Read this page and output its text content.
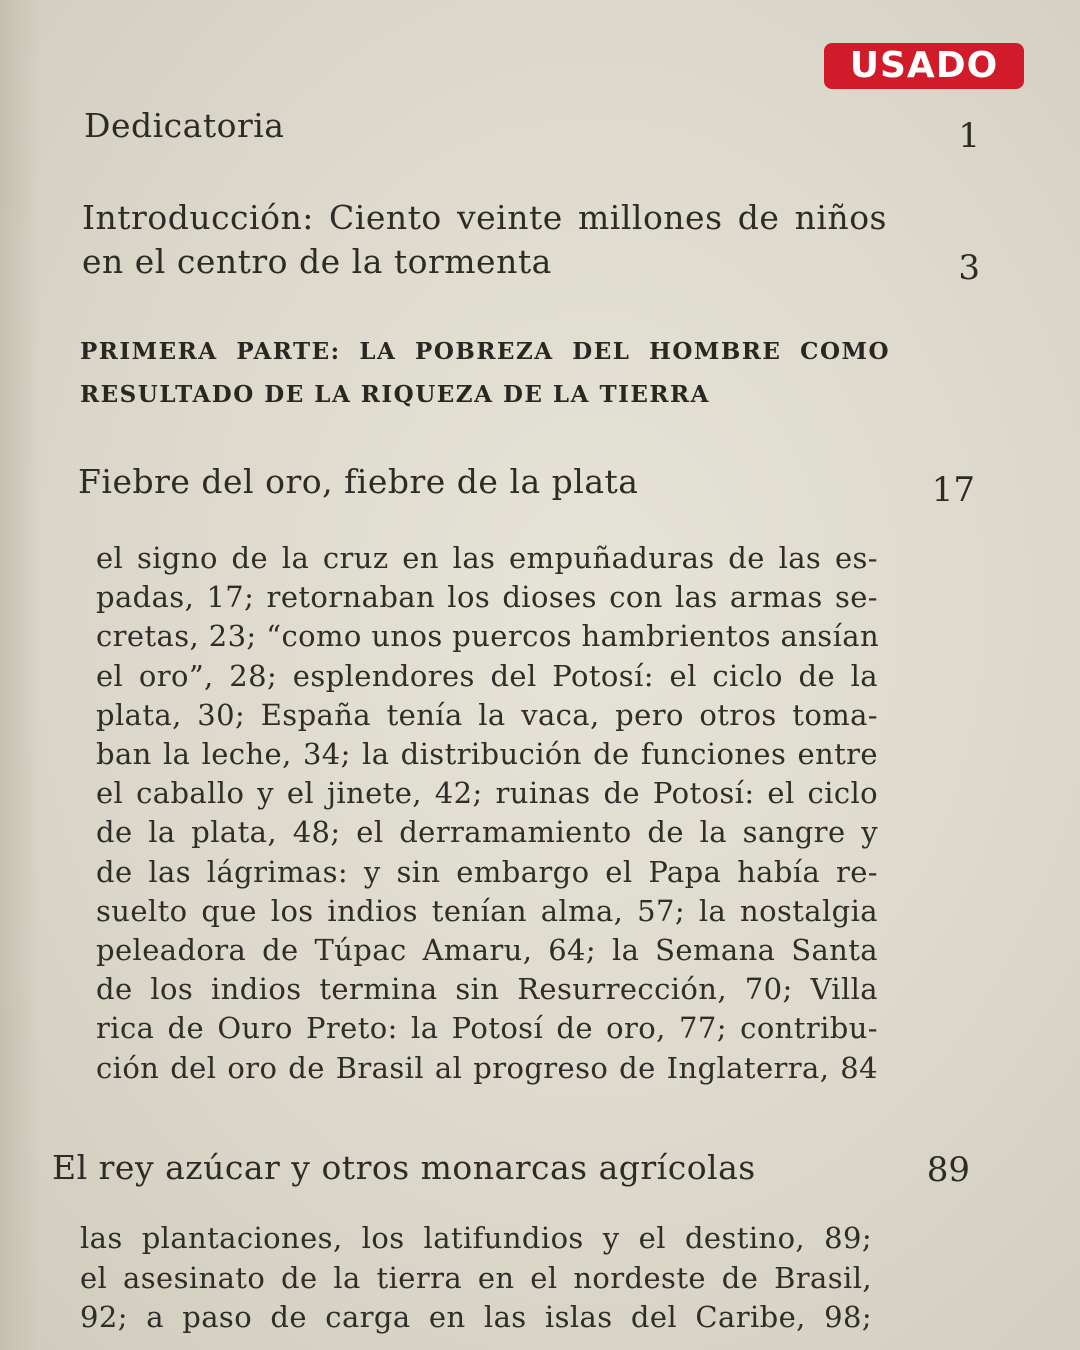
USADO
Dedicatoria	1
Introducción: Ciento veinte millones de niños
en el centro de la tormenta	3
PRIMERA PARTE: LA POBREZA DEL HOMBRE COMO
RESULTADO DE LA RIQUEZA DE LA TIERRA
Fiebre del oro, fiebre de la plata	17
el signo de la cruz en las empuñaduras de las es-
padas, 17; retornaban los dioses con las armas se-
cretas, 23; “como unos puercos hambrientos ansían
el oro”, 28; esplendores del Potosí: el ciclo de la
plata, 30; España tenía la vaca, pero otros toma-
ban la leche, 34; la distribución de funciones entre
el caballo y el jinete, 42; ruinas de Potosí: el ciclo
de la plata, 48; el derramamiento de la sangre y
de las lágrimas: y sin embargo el Papa había re-
suelto que los indios tenían alma, 57; la nostalgia
peleadora de Túpac Amaru, 64; la Semana Santa
de los indios termina sin Resurrección, 70; Villa
rica de Ouro Preto: la Potosí de oro, 77; contribu-
ción del oro de Brasil al progreso de Inglaterra, 84
El rey azúcar y otros monarcas agrícolas	89
las plantaciones, los latifundios y el destino, 89;
el asesinato de la tierra en el nordeste de Brasil,
92; a paso de carga en las islas del Caribe, 98;
